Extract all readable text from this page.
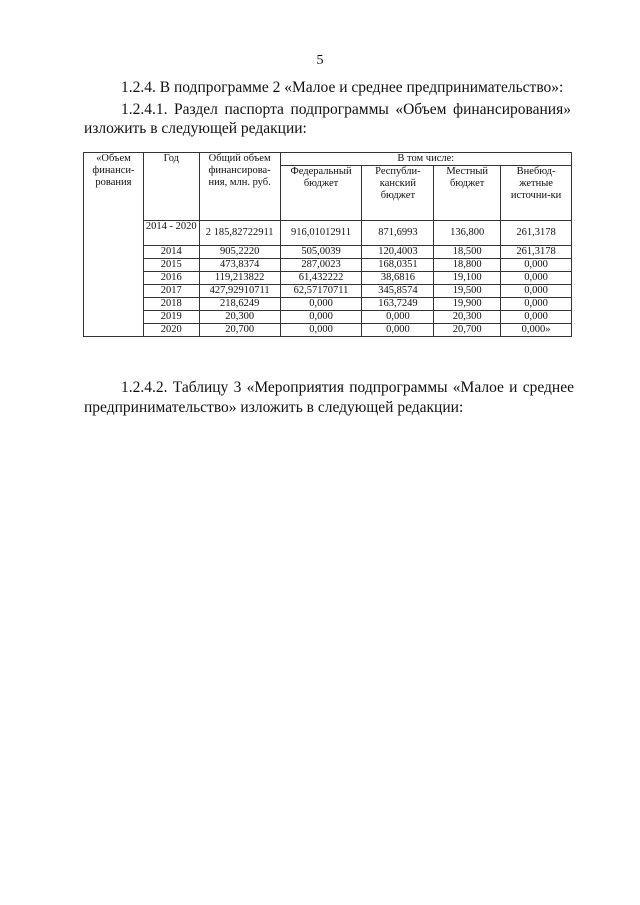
5
1.2.4. В подпрограмме 2 «Малое и среднее предпринимательство»:
1.2.4.1. Раздел паспорта подпрограммы «Объем финансирования»
изложить в следующей редакции:
«Объем финанси-рования	Год	Общий объем финансирова-ния, млн. руб.	В том числе:			
			Федеральный бюджет	Республи-канский бюджет	Местный бюджет	Внебюд-жетные источни-ки
	2014 - 2020	2 185,82722911	916,01012911	871,6993	136,800	261,3178
	2014	905,2220	505,0039	120,4003	18,500	261,3178
	2015	473,8374	287,0023	168,0351	18,800	0,000
	2016	119,213822	61,432222	38,6816	19,100	0,000
	2017	427,92910711	62,57170711	345,8574	19,500	0,000
	2018	218,6249	0,000	163,7249	19,900	0,000
	2019	20,300	0,000	0,000	20,300	0,000
	2020	20,700	0,000	0,000	20,700	0,000»
1.2.4.2. Таблицу 3 «Мероприятия подпрограммы «Малое и среднее
предпринимательство» изложить в следующей редакции:
